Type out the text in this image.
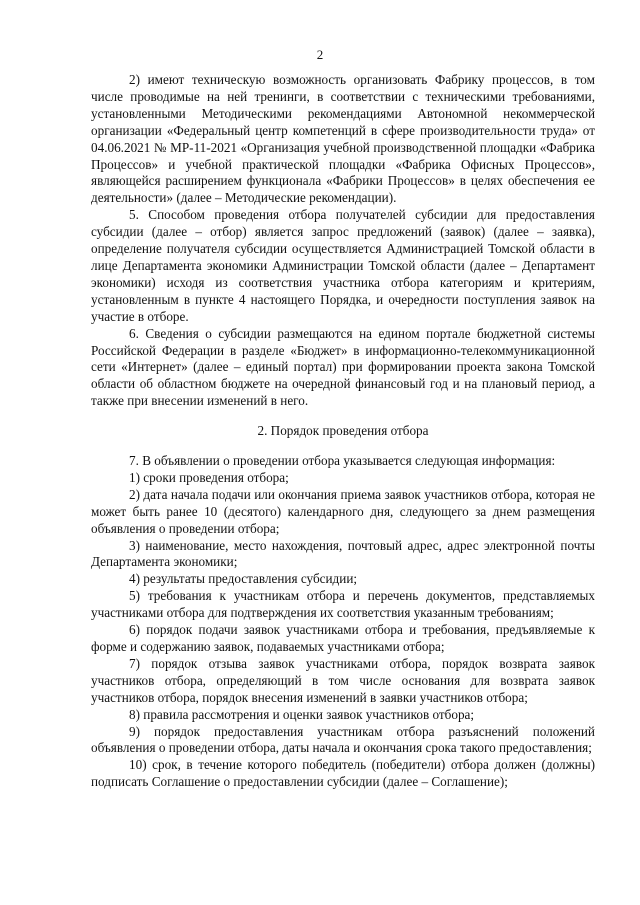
2

2) имеют техническую возможность организовать Фабрику процессов, в том числе проводимые на ней тренинги, в соответствии с техническими требованиями, установленными Методическими рекомендациями Автономной некоммерческой организации «Федеральный центр компетенций в сфере производительности труда» от 04.06.2021 № МР-11-2021 «Организация учебной производственной площадки «Фабрика Процессов» и учебной практической площадки «Фабрика Офисных Процессов», являющейся расширением функционала «Фабрики Процессов» в целях обеспечения ее деятельности» (далее – Методические рекомендации).

5. Способом проведения отбора получателей субсидии для предоставления субсидии (далее – отбор) является запрос предложений (заявок) (далее – заявка), определение получателя субсидии осуществляется Администрацией Томской области в лице Департамента экономики Администрации Томской области (далее – Департамент экономики) исходя из соответствия участника отбора категориям и критериям, установленным в пункте 4 настоящего Порядка, и очередности поступления заявок на участие в отборе.

6. Сведения о субсидии размещаются на едином портале бюджетной системы Российской Федерации в разделе «Бюджет» в информационно-телекоммуникационной сети «Интернет» (далее – единый портал) при формировании проекта закона Томской области об областном бюджете на очередной финансовый год и на плановый период, а также при внесении изменений в него.

2. Порядок проведения отбора

7. В объявлении о проведении отбора указывается следующая информация:

1) сроки проведения отбора;

2) дата начала подачи или окончания приема заявок участников отбора, которая не может быть ранее 10 (десятого) календарного дня, следующего за днем размещения объявления о проведении отбора;

3) наименование, место нахождения, почтовый адрес, адрес электронной почты Департамента экономики;

4) результаты предоставления субсидии;

5) требования к участникам отбора и перечень документов, представляемых участниками отбора для подтверждения их соответствия указанным требованиям;

6) порядок подачи заявок участниками отбора и требования, предъявляемые к форме и содержанию заявок, подаваемых участниками отбора;

7) порядок отзыва заявок участниками отбора, порядок возврата заявок участников отбора, определяющий в том числе основания для возврата заявок участников отбора, порядок внесения изменений в заявки участников отбора;

8) правила рассмотрения и оценки заявок участников отбора;

9) порядок предоставления участникам отбора разъяснений положений объявления о проведении отбора, даты начала и окончания срока такого предоставления;

10) срок, в течение которого победитель (победители) отбора должен (должны) подписать Соглашение о предоставлении субсидии (далее – Соглашение);
